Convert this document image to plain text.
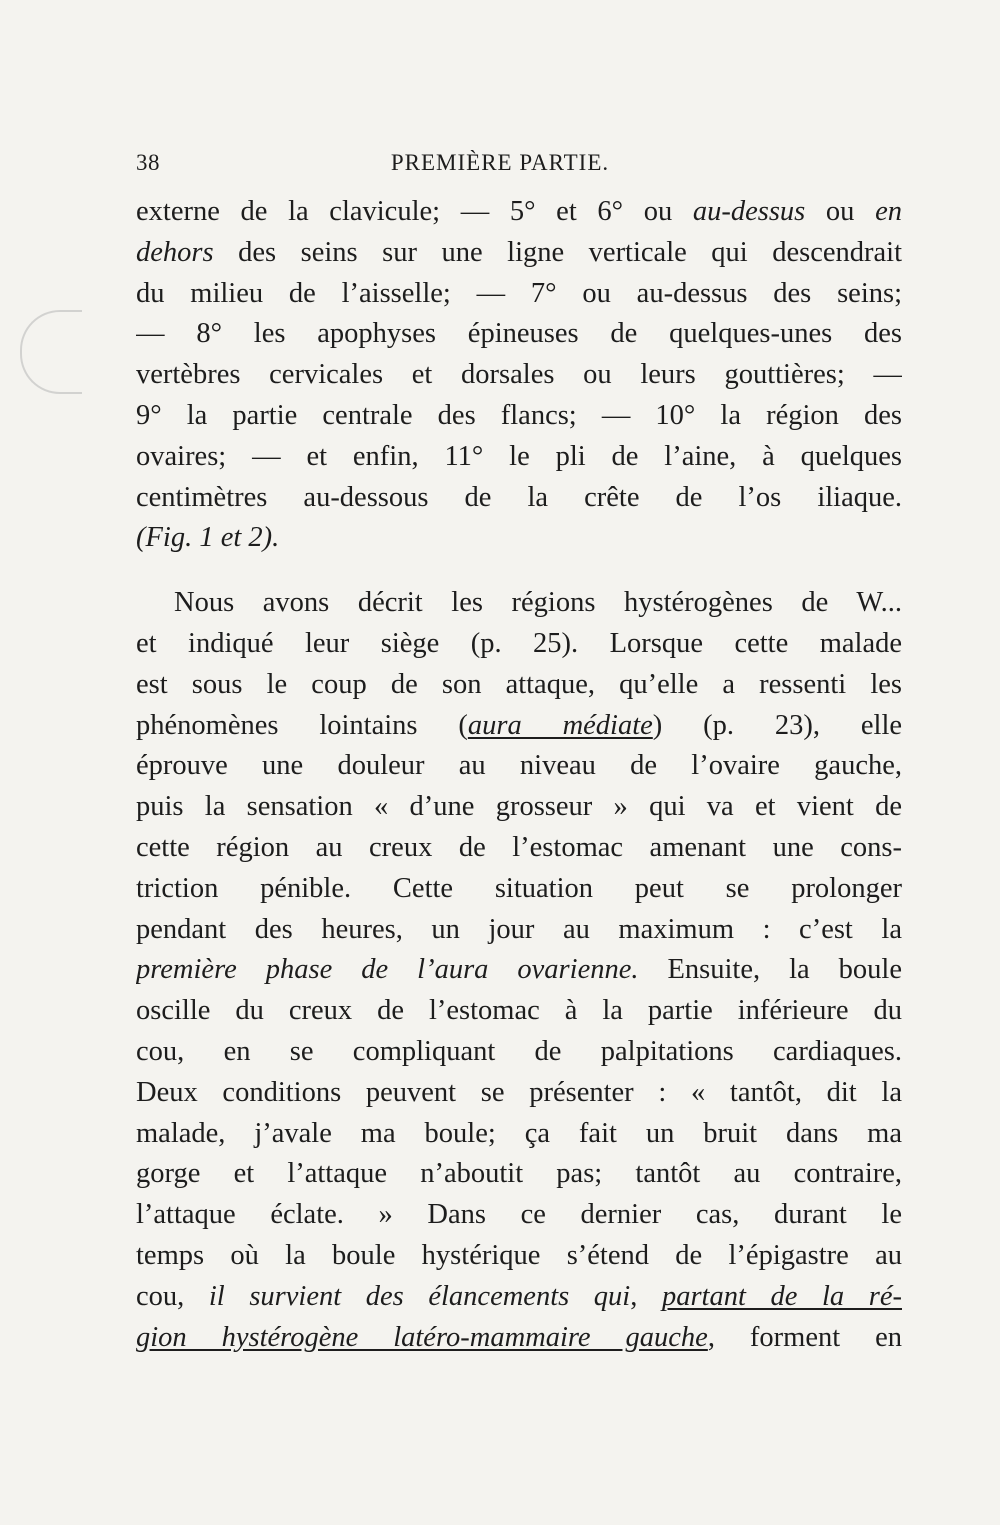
38	PREMIÈRE PARTIE.
externe de la clavicule; — 5° et 6° ou au-dessus ou en
dehors des seins sur une ligne verticale qui descendrait
du milieu de l’aisselle; — 7° ou au-dessus des seins;
— 8° les apophyses épineuses de quelques-unes des
vertèbres cervicales et dorsales ou leurs gouttières; —
9° la partie centrale des flancs; — 10° la région des
ovaires; — et enfin, 11° le pli de l’aine, à quelques
centimètres au-dessous de la crête de l’os iliaque.
(Fig. 1 et 2).
Nous avons décrit les régions hystérogènes de W...
et indiqué leur siège (p. 25). Lorsque cette malade
est sous le coup de son attaque, qu’elle a ressenti les
phénomènes lointains (aura médiate) (p. 23), elle
éprouve une douleur au niveau de l’ovaire gauche,
puis la sensation « d’une grosseur » qui va et vient de
cette région au creux de l’estomac amenant une cons-
triction pénible. Cette situation peut se prolonger
pendant des heures, un jour au maximum : c’est la
première phase de l’aura ovarienne. Ensuite, la boule
oscille du creux de l’estomac à la partie inférieure du
cou, en se compliquant de palpitations cardiaques.
Deux conditions peuvent se présenter : « tantôt, dit la
malade, j’avale ma boule; ça fait un bruit dans ma
gorge et l’attaque n’aboutit pas; tantôt au contraire,
l’attaque éclate. » Dans ce dernier cas, durant le
temps où la boule hystérique s’étend de l’épigastre au
cou, il survient des élancements qui, partant de la ré-
gion hystérogène latéro-mammaire gauche, forment en
